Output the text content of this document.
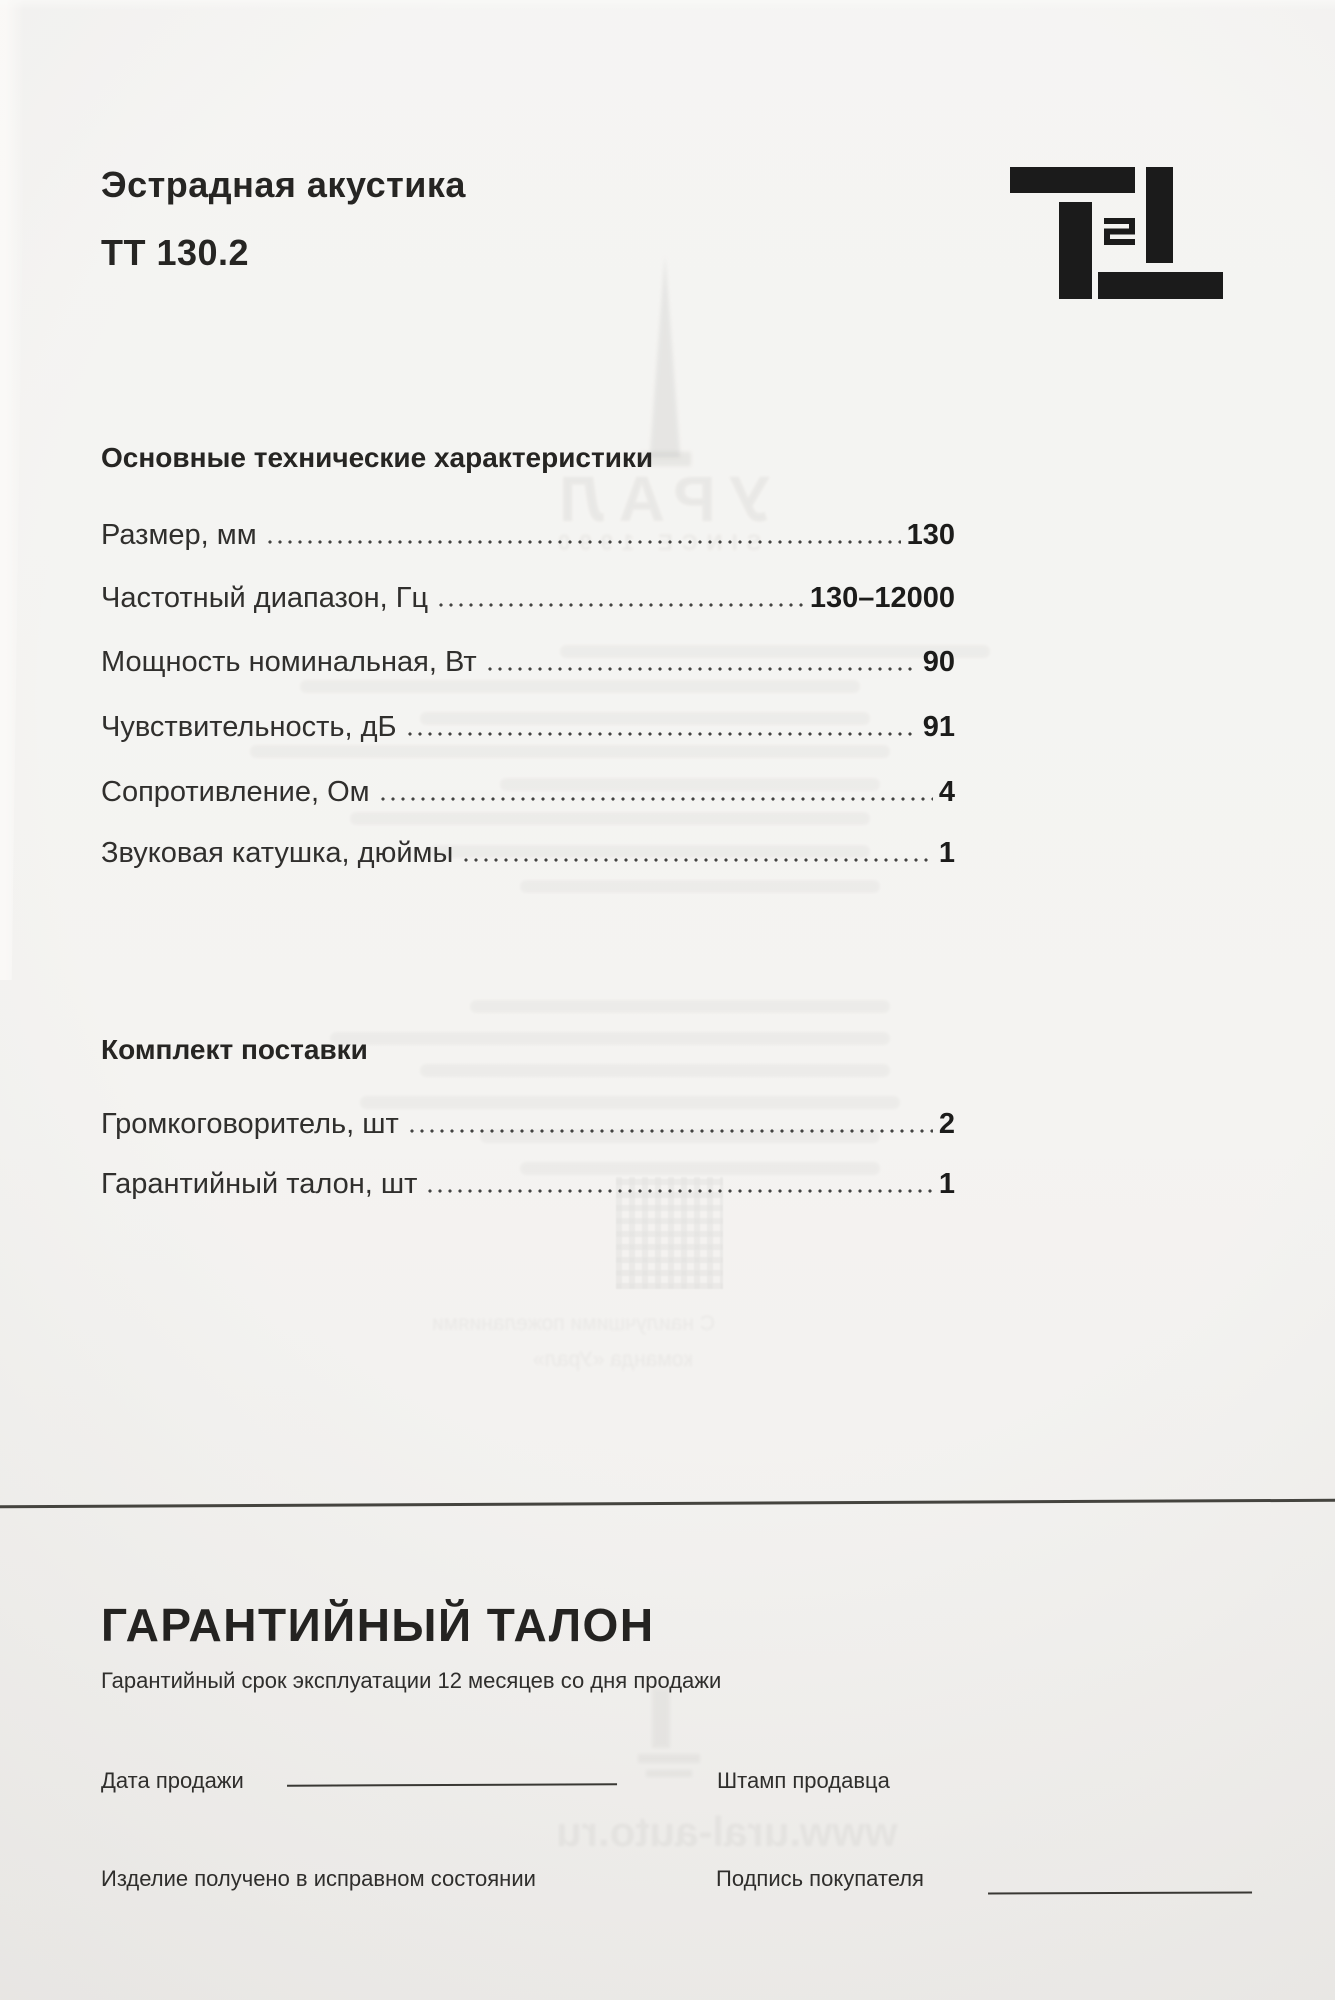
УРАЛ
С наилучшими пожеланиями
команда «Урал»
www.ural-auto.ru
Эстрадная акустика
ТТ 130.2
Основные технические характеристики
Размер, мм	130
Частотный диапазон, Гц	130–12000
Мощность номинальная, Вт	90
Чувствительность, дБ	91
Сопротивление, Ом	4
Звуковая катушка, дюймы	1
Комплект поставки
Громкоговоритель, шт	2
Гарантийный талон, шт	1
ГАРАНТИЙНЫЙ ТАЛОН
Гарантийный срок эксплуатации 12 месяцев со дня продажи
Дата продажи	Штамп продавца
Изделие получено в исправном состоянии	Подпись покупателя
